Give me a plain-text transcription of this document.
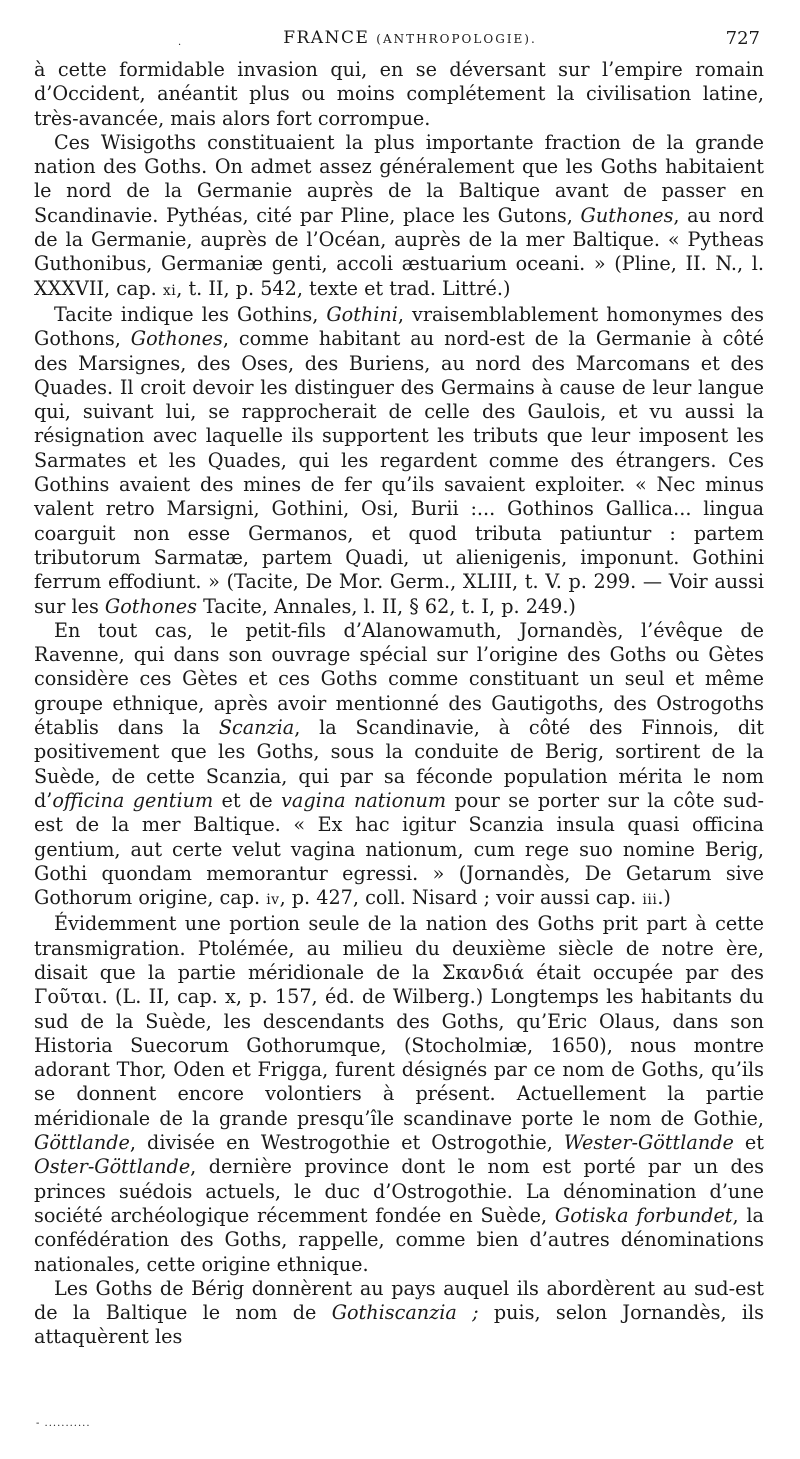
FRANCE (ANTHROPOLOGIE).	727
·

à cette formidable invasion qui, en se déversant sur l’empire romain d’Occident, anéantit plus ou moins complétement la civilisation latine, très-avancée, mais alors fort corrompue.

Ces Wisigoths constituaient la plus importante fraction de la grande nation des Goths. On admet assez généralement que les Goths habitaient le nord de la Germanie auprès de la Baltique avant de passer en Scandinavie. Pythéas, cité par Pline, place les Gutons, Guthones, au nord de la Germanie, auprès de l’Océan, auprès de la mer Baltique. « Pytheas Guthonibus, Germaniæ genti, accoli æstuarium oceani. » (Pline, II. N., l. XXXVII, cap. xi, t. II, p. 542, texte et trad. Littré.)

Tacite indique les Gothins, Gothini, vraisemblablement homonymes des Gothons, Gothones, comme habitant au nord-est de la Germanie à côté des Marsignes, des Oses, des Buriens, au nord des Marcomans et des Quades. Il croit devoir les distinguer des Germains à cause de leur langue qui, suivant lui, se rapprocherait de celle des Gaulois, et vu aussi la résignation avec laquelle ils supportent les tributs que leur imposent les Sarmates et les Quades, qui les regardent comme des étrangers. Ces Gothins avaient des mines de fer qu’ils savaient exploiter. « Nec minus valent retro Marsigni, Gothini, Osi, Burii :... Gothinos Gallica... lingua coarguit non esse Germanos, et quod tributa patiuntur : partem tributorum Sarmatæ, partem Quadi, ut alienigenis, imponunt. Gothini ferrum effodiunt. » (Tacite, De Mor. Germ., XLIII, t. V. p. 299. — Voir aussi sur les Gothones Tacite, Annales, l. II, § 62, t. I, p. 249.)

En tout cas, le petit-fils d’Alanowamuth, Jornandès, l’évêque de Ravenne, qui dans son ouvrage spécial sur l’origine des Goths ou Gètes considère ces Gètes et ces Goths comme constituant un seul et même groupe ethnique, après avoir mentionné des Gautigoths, des Ostrogoths établis dans la Scanzia, la Scandinavie, à côté des Finnois, dit positivement que les Goths, sous la conduite de Berig, sortirent de la Suède, de cette Scanzia, qui par sa féconde population mérita le nom d’officina gentium et de vagina nationum pour se porter sur la côte sud-est de la mer Baltique. « Ex hac igitur Scanzia insula quasi officina gentium, aut certe velut vagina nationum, cum rege suo nomine Berig, Gothi quondam memorantur egressi. » (Jornandès, De Getarum sive Gothorum origine, cap. iv, p. 427, coll. Nisard ; voir aussi cap. iii.)

Évidemment une portion seule de la nation des Goths prit part à cette transmigration. Ptolémée, au milieu du deuxième siècle de notre ère, disait que la partie méridionale de la Σκανδιά était occupée par des Γοῦται. (L. II, cap. x, p. 157, éd. de Wilberg.) Longtemps les habitants du sud de la Suède, les descendants des Goths, qu’Eric Olaus, dans son Historia Suecorum Gothorumque, (Stocholmiæ, 1650), nous montre adorant Thor, Oden et Frigga, furent désignés par ce nom de Goths, qu’ils se donnent encore volontiers à présent. Actuellement la partie méridionale de la grande presqu’île scandinave porte le nom de Gothie, Göttlande, divisée en Westrogothie et Ostrogothie, Wester-Göttlande et Oster-Göttlande, dernière province dont le nom est porté par un des princes suédois actuels, le duc d’Ostrogothie. La dénomination d’une société archéologique récemment fondée en Suède, Gotiska forbundet, la confédération des Goths, rappelle, comme bien d’autres dénominations nationales, cette origine ethnique.

Les Goths de Bérig donnèrent au pays auquel ils abordèrent au sud-est de la Baltique le nom de Gothiscanzia ; puis, selon Jornandès, ils attaquèrent les

- ...........
